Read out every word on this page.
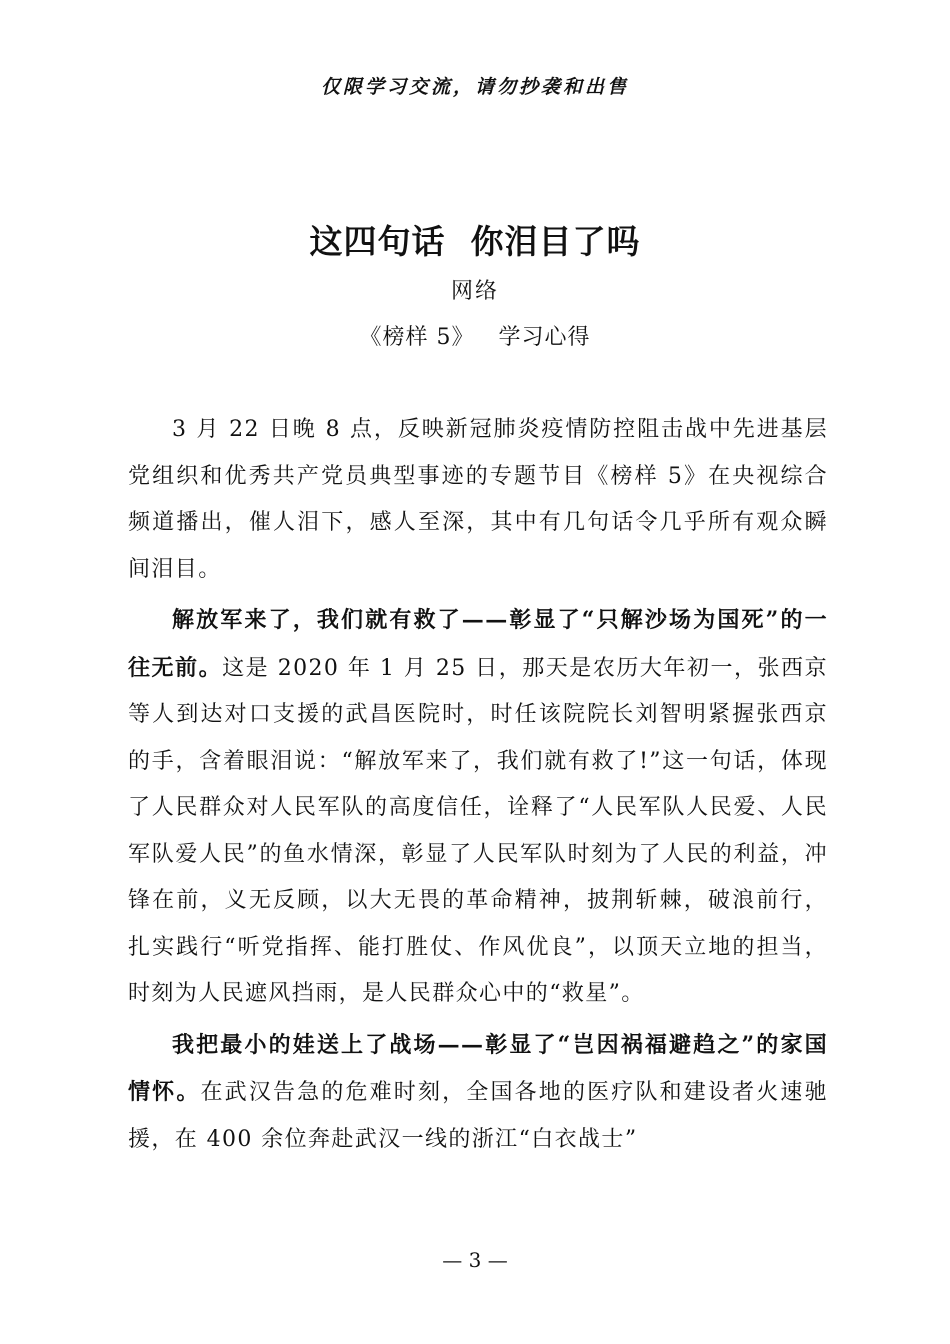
仅限学习交流，请勿抄袭和出售
这四句话  你泪目了吗
网络
《榜样 5》   学习心得

3 月 22 日晚 8 点，反映新冠肺炎疫情防控阻击战中先进基层党组织和优秀共产党员典型事迹的专题节目《榜样 5》在央视综合频道播出，催人泪下，感人至深，其中有几句话令几乎所有观众瞬间泪目。

解放军来了，我们就有救了——彰显了“只解沙场为国死”的一往无前。这是 2020 年 1 月 25 日，那天是农历大年初一，张西京等人到达对口支援的武昌医院时，时任该院院长刘智明紧握张西京的手，含着眼泪说：“解放军来了，我们就有救了!”这一句话，体现了人民群众对人民军队的高度信任，诠释了“人民军队人民爱、人民军队爱人民”的鱼水情深，彰显了人民军队时刻为了人民的利益，冲锋在前，义无反顾，以大无畏的革命精神，披荆斩棘，破浪前行，扎实践行“听党指挥、能打胜仗、作风优良”，以顶天立地的担当，时刻为人民遮风挡雨，是人民群众心中的“救星”。

我把最小的娃送上了战场——彰显了“岂因祸福避趋之”的家国情怀。在武汉告急的危难时刻，全国各地的医疗队和建设者火速驰援，在 400 余位奔赴武汉一线的浙江“白衣战士”

— 3 —
